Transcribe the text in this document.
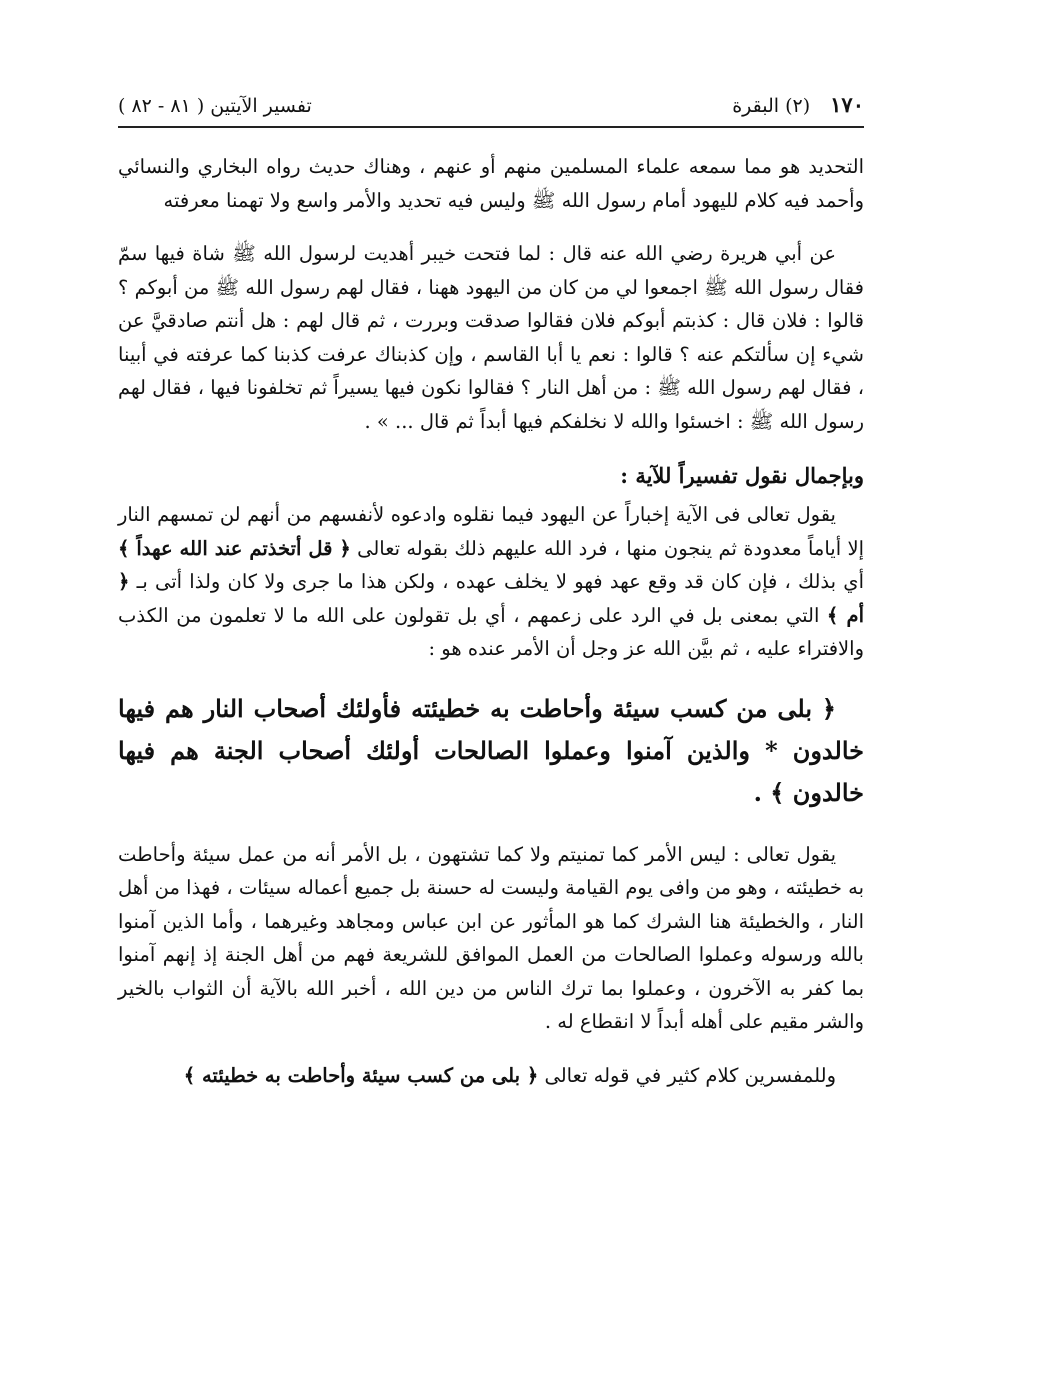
١٧٠
(٢) البقرة
تفسير الآيتين ( ٨١ - ٨٢ )

التحديد هو مما سمعه علماء المسلمين منهم أو عنهم ، وهناك حديث رواه البخاري والنسائي وأحمد فيه كلام لليهود أمام رسول الله ﷺ وليس فيه تحديد والأمر واسع ولا تهمنا معرفته

عن أبي هريرة رضي الله عنه قال : لما فتحت خيبر أهديت لرسول الله ﷺ شاة فيها سمّ فقال رسول الله ﷺ اجمعوا لي من كان من اليهود ههنا ، فقال لهم رسول الله ﷺ من أبوكم ؟ قالوا : فلان قال : كذبتم أبوكم فلان فقالوا صدقت وبررت ، ثم قال لهم : هل أنتم صادقيَّ عن شيء إن سألتكم عنه ؟ قالوا : نعم يا أبا القاسم ، وإن كذبناك عرفت كذبنا كما عرفته في أبينا ، فقال لهم رسول الله ﷺ : من أهل النار ؟ فقالوا نكون فيها يسيراً ثم تخلفونا فيها ، فقال لهم رسول الله ﷺ : اخسئوا والله لا نخلفكم فيها أبداً ثم قال ... » .

وبإجمال نقول تفسيراً للآية :

يقول تعالى فى الآية إخباراً عن اليهود فيما نقلوه وادعوه لأنفسهم من أنهم لن تمسهم النار إلا أياماً معدودة ثم ينجون منها ، فرد الله عليهم ذلك بقوله تعالى ﴿ قل أتخذتم عند الله عهداً ﴾ أي بذلك ، فإن كان قد وقع عهد فهو لا يخلف عهده ، ولكن هذا ما جرى ولا كان ولذا أتى بـ ﴿ أم ﴾ التي بمعنى بل في الرد على زعمهم ، أي بل تقولون على الله ما لا تعلمون من الكذب والافتراء عليه ، ثم بيَّن الله عز وجل أن الأمر عنده هو :

﴿ بلى من كسب سيئة وأحاطت به خطيئته فأولئك أصحاب النار هم فيها خالدون * والذين آمنوا وعملوا الصالحات أولئك أصحاب الجنة هم فيها خالدون ﴾ .

يقول تعالى : ليس الأمر كما تمنيتم ولا كما تشتهون ، بل الأمر أنه من عمل سيئة وأحاطت به خطيئته ، وهو من وافى يوم القيامة وليست له حسنة بل جميع أعماله سيئات ، فهذا من أهل النار ، والخطيئة هنا الشرك كما هو المأثور عن ابن عباس ومجاهد وغيرهما ، وأما الذين آمنوا بالله ورسوله وعملوا الصالحات من العمل الموافق للشريعة فهم من أهل الجنة إذ إنهم آمنوا بما كفر به الآخرون ، وعملوا بما ترك الناس من دين الله ، أخبر الله بالآية أن الثواب بالخير والشر مقيم على أهله أبداً لا انقطاع له .

وللمفسرين كلام كثير في قوله تعالى ﴿ بلى من كسب سيئة وأحاطت به خطيئته ﴾
